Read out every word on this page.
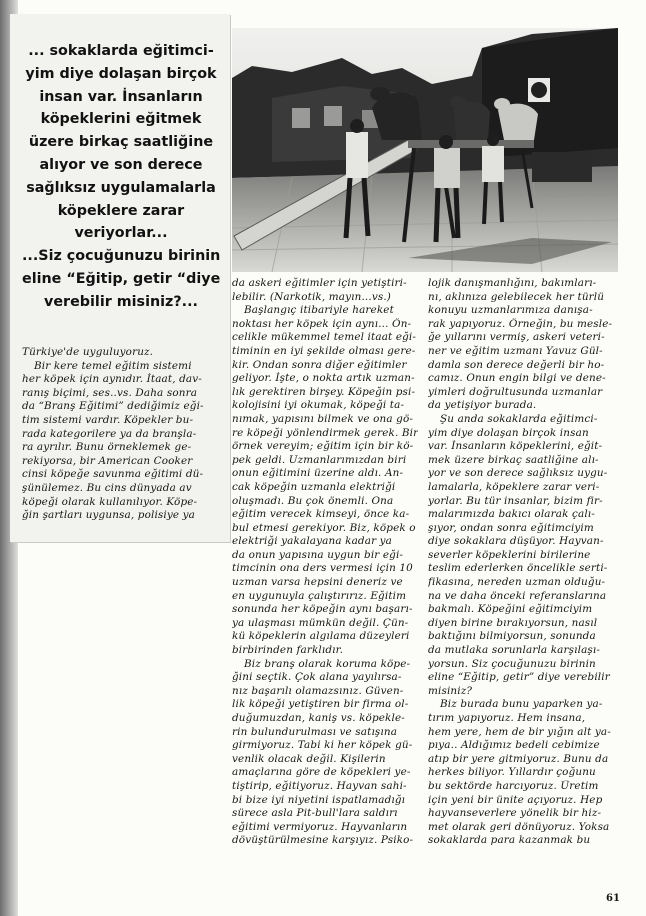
... sokaklarda eğitimci-
yim diye dolaşan birçok
insan var. İnsanların
köpeklerini eğitmek
üzere birkaç saatliğine
alıyor ve son derece
sağlıksız uygulamalarla
köpeklere zarar
veriyorlar...
...Siz çocuğunuzu birinin
eline “Eğitip, getir “diye
verebilir misiniz?...
Türkiye'de uyguluyoruz.
Bir kere temel eğitim sistemi
her köpek için aynıdır. İtaat, dav-
ranış biçimi, ses..vs. Daha sonra
da “Branş Eğitimi” dediğimiz eği-
tim sistemi vardır. Köpekler bu-
rada kategorilere ya da branşla-
ra ayrılır. Bunu örneklemek ge-
rekiyorsa, bir American Cooker
cinsi köpeğe savunma eğitimi dü-
şünülemez. Bu cins dünyada av
köpeği olarak kullanılıyor. Köpe-
ğin şartları uygunsa, polisiye ya
da askeri eğitimler için yetiştiri-
lebilir. (Narkotik, mayın...vs.)
Başlangıç itibariyle hareket
noktası her köpek için aynı... Ön-
celikle mükemmel temel itaat eği-
timinin en iyi şekilde olması gere-
kir. Ondan sonra diğer eğitimler
geliyor. İşte, o nokta artık uzman-
lık gerektiren birşey. Köpeğin psi-
kolojisini iyi okumak, köpeği ta-
nımak, yapısını bilmek ve ona gö-
re köpeği yönlendirmek gerek. Bir
örnek vereyim; eğitim için bir kö-
pek geldi. Uzmanlarımızdan biri
onun eğitimini üzerine aldı. An-
cak köpeğin uzmanla elektriği
oluşmadı. Bu çok önemli. Ona
eğitim verecek kimseyi, önce ka-
bul etmesi gerekiyor. Biz, köpek o
elektriği yakalayana kadar ya
da onun yapısına uygun bir eği-
timcinin ona ders vermesi için 10
uzman varsa hepsini deneriz ve
en uygunuyla çalıştırırız. Eğitim
sonunda her köpeğin aynı başarı-
ya ulaşması mümkün değil. Çün-
kü köpeklerin algılama düzeyleri
birbirinden farklıdır.
Biz branş olarak koruma köpe-
ğini seçtik. Çok alana yayılırsa-
nız başarılı olamazsınız. Güven-
lik köpeği yetiştiren bir firma ol-
duğumuzdan, kaniş vs. köpekle-
rin bulundurulması ve satışına
girmiyoruz. Tabi ki her köpek gü-
venlik olacak değil. Kişilerin
amaçlarına göre de köpekleri ye-
tiştirip, eğitiyoruz. Hayvan sahi-
bi bize iyi niyetini ispatlamadığı
sürece asla Pit-bull'lara saldırı
eğitimi vermiyoruz. Hayvanların
dövüştürülmesine karşıyız. Psiko-
lojik danışmanlığını, bakımları-
nı, aklınıza gelebilecek her türlü
konuyu uzmanlarımıza danışa-
rak yapıyoruz. Örneğin, bu mesle-
ğe yıllarını vermiş, askeri veteri-
ner ve eğitim uzmanı Yavuz Gül-
damla son derece değerli bir ho-
camız. Onun engin bilgi ve dene-
yimleri doğrultusunda uzmanlar
da yetişiyor burada.
Şu anda sokaklarda eğitimci-
yim diye dolaşan birçok insan
var. İnsanların köpeklerini, eğit-
mek üzere birkaç saatliğine alı-
yor ve son derece sağlıksız uygu-
lamalarla, köpeklere zarar veri-
yorlar. Bu tür insanlar, bizim fir-
malarımızda bakıcı olarak çalı-
şıyor, ondan sonra eğitimciyim
diye sokaklara düşüyor. Hayvan-
severler köpeklerini birilerine
teslim ederlerken öncelikle serti-
fikasına, nereden uzman olduğu-
na ve daha önceki referanslarına
bakmalı. Köpeğini eğitimciyim
diyen birine bırakıyorsun, nasıl
baktığını bilmiyorsun, sonunda
da mutlaka sorunlarla karşılaşı-
yorsun. Siz çocuğunuzu birinin
eline “Eğitip, getir” diye verebilir
misiniz?
Biz burada bunu yaparken ya-
tırım yapıyoruz. Hem insana,
hem yere, hem de bir yığın alt ya-
pıya.. Aldığımız bedeli cebimize
atıp bir yere gitmiyoruz. Bunu da
herkes biliyor. Yıllardır çoğunu
bu sektörde harcıyoruz. Üretim
için yeni bir ünite açıyoruz. Hep
hayvanseverlere yönelik bir hiz-
met olarak geri dönüyoruz. Yoksa
sokaklarda para kazanmak bu
61
